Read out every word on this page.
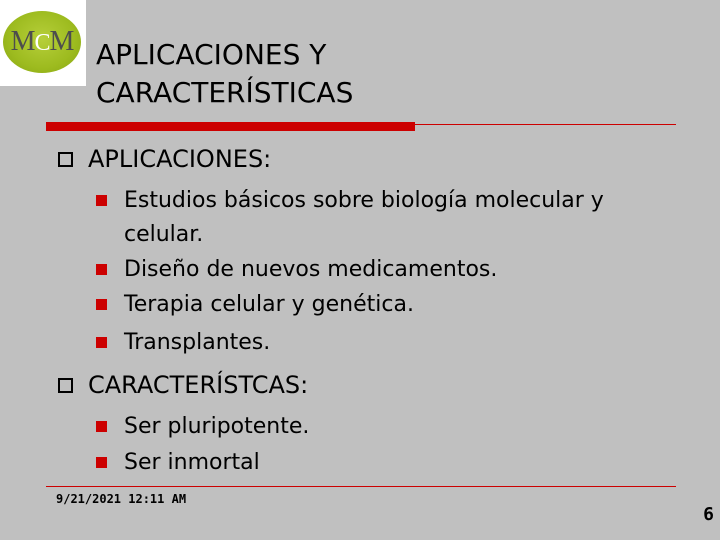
MCM APLICACIONES Y
CARACTERÍSTICAS
APLICACIONES:
Estudios básicos sobre biología molecular y celular.
Diseño de nuevos medicamentos.
Terapia celular y genética.
Transplantes.
CARACTERÍSTCAS:
Ser pluripotente.
Ser inmortal
9/21/2021 12:11 AM
6
